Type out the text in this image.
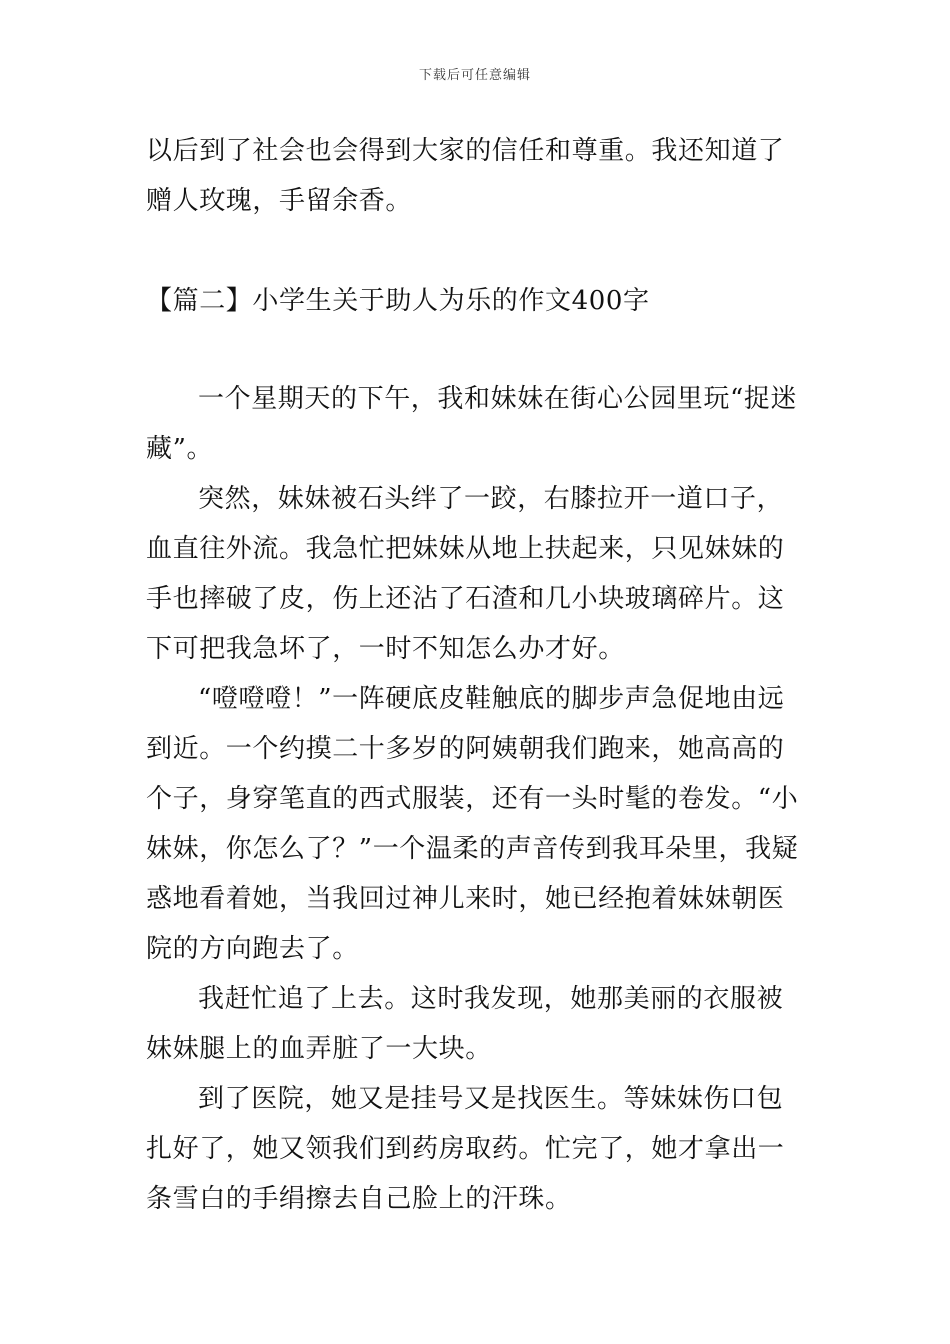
下载后可任意编辑

以后到了社会也会得到大家的信任和尊重。我还知道了赠人玫瑰，手留余香。

【篇二】小学生关于助人为乐的作文400字

一个星期天的下午，我和妹妹在街心公园里玩“捉迷藏”。

突然，妹妹被石头绊了一跤，右膝拉开一道口子，血直往外流。我急忙把妹妹从地上扶起来，只见妹妹的手也摔破了皮，伤上还沾了石渣和几小块玻璃碎片。这下可把我急坏了，一时不知怎么办才好。

“噔噔噔！”一阵硬底皮鞋触底的脚步声急促地由远到近。一个约摸二十多岁的阿姨朝我们跑来，她高高的个子，身穿笔直的西式服装，还有一头时髦的卷发。“小妹妹，你怎么了？”一个温柔的声音传到我耳朵里，我疑惑地看着她，当我回过神儿来时，她已经抱着妹妹朝医院的方向跑去了。

我赶忙追了上去。这时我发现，她那美丽的衣服被妹妹腿上的血弄脏了一大块。

到了医院，她又是挂号又是找医生。等妹妹伤口包扎好了，她又领我们到药房取药。忙完了，她才拿出一条雪白的手绢擦去自己脸上的汗珠。
